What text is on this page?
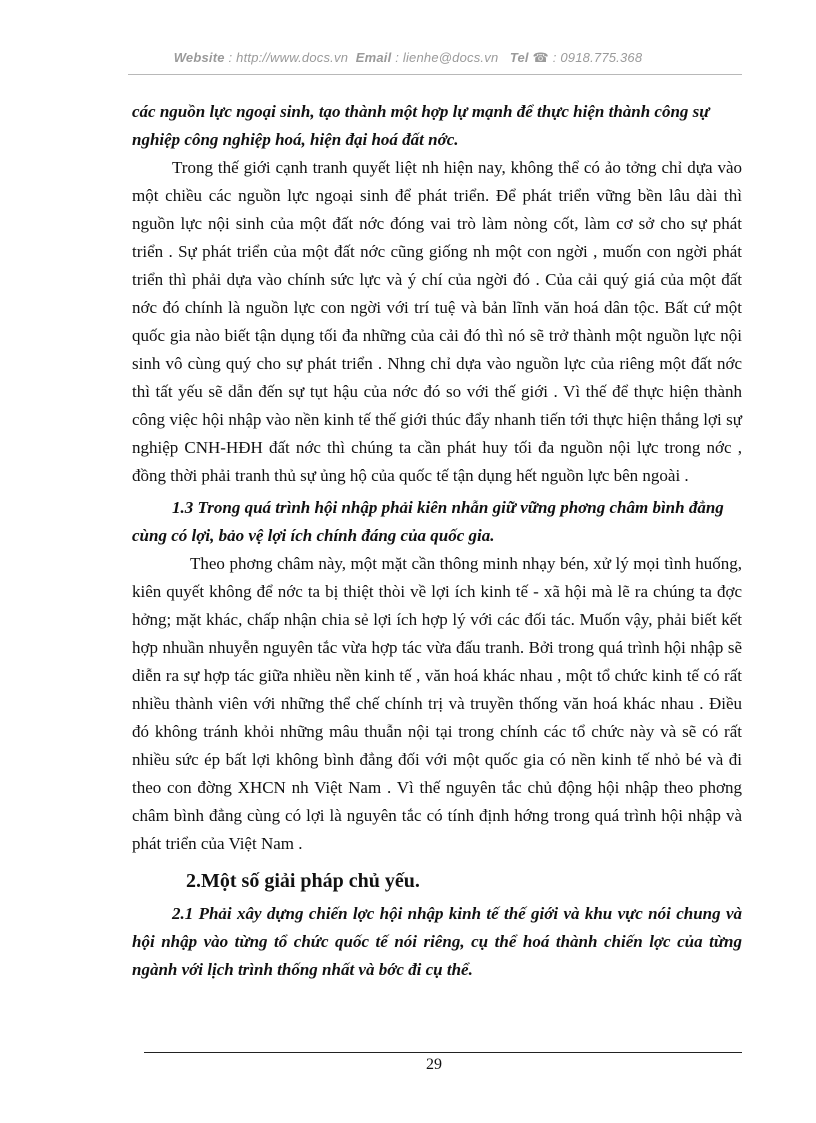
Website : http://www.docs.vn Email : lienhe@docs.vn Tel ☎ : 0918.775.368

các nguồn lực ngoại sinh, tạo thành một hợp lự mạnh để thực hiện thành công sự nghiệp công nghiệp hoá, hiện đại hoá đất nớc.

Trong thế giới cạnh tranh quyết liệt nh hiện nay, không thể có ảo tởng chỉ dựa vào một chiều các nguồn lực ngoại sinh để phát triển. Để phát triển vững bền lâu dài thì nguồn lực nội sinh của một đất nớc đóng vai trò làm nòng cốt, làm cơ sở cho sự phát triển . Sự phát triển của một đất nớc cũng giống nh một con ngời , muốn con ngời phát triển thì phải dựa vào chính sức lực và ý chí của ngời đó . Của cải quý giá của một đất nớc đó chính là nguồn lực con ngời với trí tuệ và bản lĩnh văn hoá dân tộc. Bất cứ một quốc gia nào biết tận dụng tối đa những của cải đó thì nó sẽ trở thành một nguồn lực nội sinh vô cùng quý cho sự phát triển . Nhng chỉ dựa vào nguồn lực của riêng một đất nớc thì tất yếu sẽ dẫn đến sự tụt hậu của nớc đó so với thế giới . Vì thế để thực hiện thành công việc hội nhập vào nền kinh tế thế giới thúc đẩy nhanh tiến tới thực hiện thắng lợi sự nghiệp CNH-HĐH đất nớc thì chúng ta cần phát huy tối đa nguồn nội lực trong nớc , đồng thời phải tranh thủ sự ủng hộ của quốc tế tận dụng hết nguồn lực bên ngoài .

1.3 Trong quá trình hội nhập phải kiên nhẫn giữ vững phơng châm bình đẳng cùng có lợi, bảo vệ lợi ích chính đáng của quốc gia.

Theo phơng châm này, một mặt cần thông minh nhạy bén, xử lý mọi tình huống, kiên quyết không để nớc ta bị thiệt thòi về lợi ích kinh tế - xã hội mà lẽ ra chúng ta đợc hởng; mặt khác, chấp nhận chia sẻ lợi ích hợp lý với các đối tác. Muốn vậy, phải biết kết hợp nhuần nhuyễn nguyên tắc vừa hợp tác vừa đấu tranh. Bởi trong quá trình hội nhập sẽ diễn ra sự hợp tác giữa nhiều nền kinh tế , văn hoá khác nhau , một tổ chức kinh tế có rất nhiều thành viên với những thể chế chính trị và truyền thống văn hoá khác nhau . Điều đó không tránh khỏi những mâu thuẫn nội tại trong chính các tổ chức này và sẽ có rất nhiều sức ép bất lợi không bình đẳng đối với một quốc gia có nền kinh tế nhỏ bé và đi theo con đờng XHCN nh Việt Nam . Vì thế nguyên tắc chủ động hội nhập theo phơng châm bình đẳng cùng có lợi là nguyên tắc có tính định hớng trong quá trình hội nhập và phát triển của Việt Nam .

2.Một số giải pháp chủ yếu.

2.1 Phải xây dựng chiến lợc hội nhập kinh tế thế giới và khu vực nói chung và hội nhập vào từng tổ chức quốc tế nói riêng, cụ thể hoá thành chiến lợc của từng ngành với lịch trình thống nhất và bớc đi cụ thể.

29
